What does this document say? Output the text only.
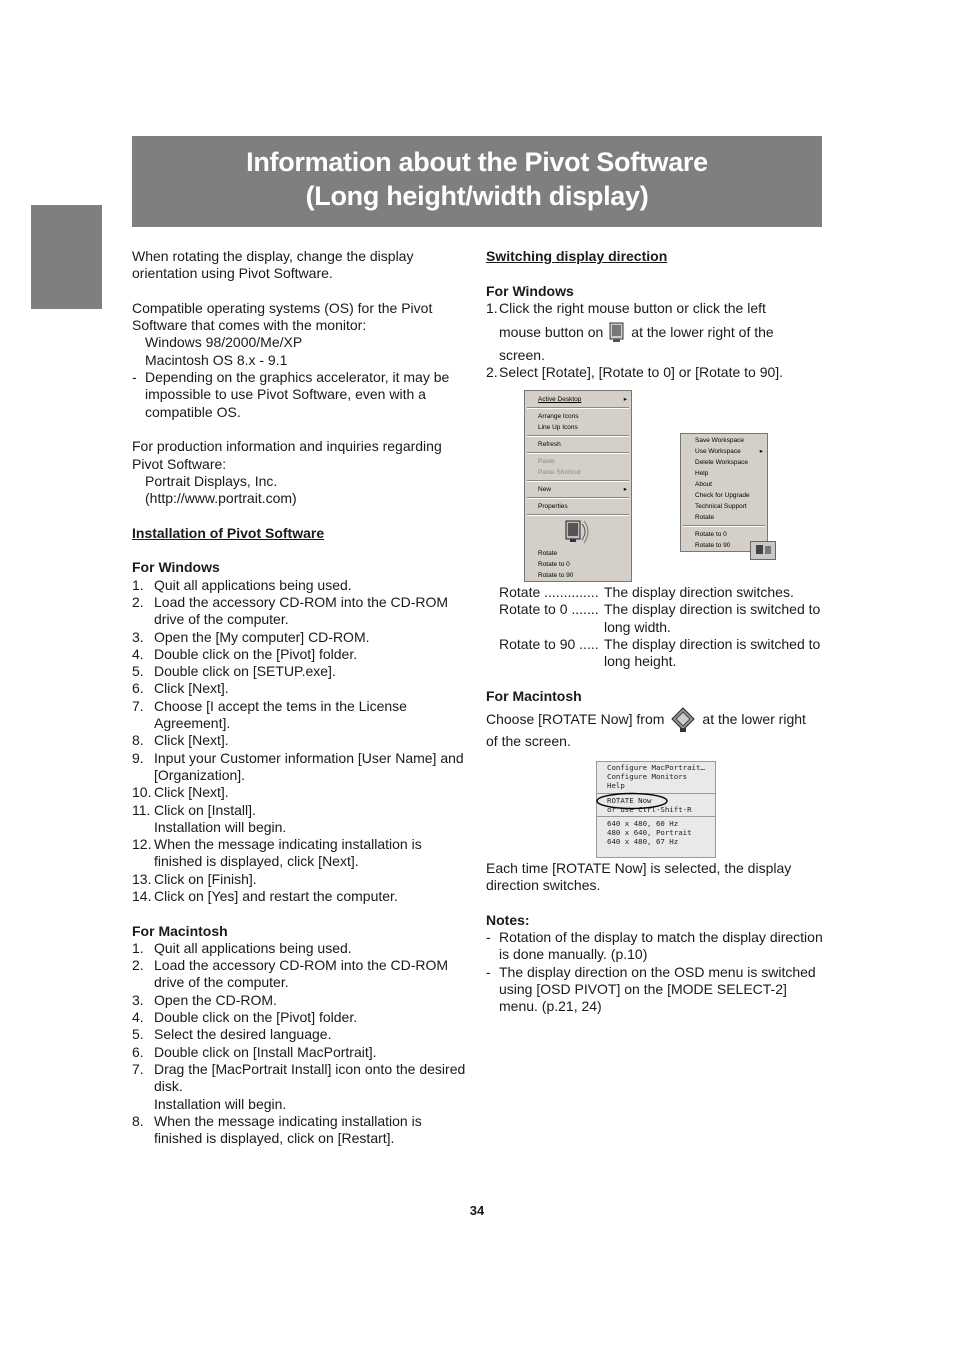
Information about the Pivot Software
(Long height/width display)

When rotating the display, change the display orientation using Pivot Software.

Compatible operating systems (OS) for the Pivot Software that comes with the monitor:

Windows 98/2000/Me/XP

Macintosh OS 8.x - 9.1

- Depending on the graphics accelerator, it may be impossible to use Pivot Software, even with a compatible OS.

For production information and inquiries regarding Pivot Software:

Portrait Displays, Inc.

(http://www.portrait.com)

Installation of Pivot Software

For Windows

1. Quit all applications being used.
2. Load the accessory CD-ROM into the CD-ROM drive of the computer.
3. Open the [My computer] CD-ROM.
4. Double click on the [Pivot] folder.
5. Double click on [SETUP.exe].
6. Click [Next].
7. Choose [I accept the tems in the License Agreement].
8. Click [Next].
9. Input your Customer information [User Name] and [Organization].
10. Click [Next].
11. Click on [Install].
Installation will begin.
12. When the message indicating installation is finished is displayed, click [Next].
13. Click on [Finish].
14. Click on [Yes] and restart the computer.

For Macintosh

1. Quit all applications being used.
2. Load the accessory CD-ROM into the CD-ROM drive of the computer.
3. Open the CD-ROM.
4. Double click on the [Pivot] folder.
5. Select the desired language.
6. Double click on [Install MacPortrait].
7. Drag the [MacPortrait Install] icon onto the desired disk.
Installation will begin.
8. When the message indicating installation is finished is displayed, click on [Restart].

Switching display direction

For Windows

1. Click the right mouse button or click the left
mouse button on at the lower right of the
screen.
2. Select [Rotate], [Rotate to 0] or [Rotate to 90].
Active Desktop	▸
Arrange Icons
Line Up Icons
Refresh
Paste
Paste Shortcut
New	▸
Properties
Rotate
Rotate to 0
Rotate to 90
Save Workspace
Use Workspace	▸
Delete Workspace
Help
About
Check for Upgrade
Technical Support
Rotate
Rotate to 0
Rotate to 90
Rotate .............. The display direction switches.
Rotate to 0 ....... The display direction is switched to long width.
Rotate to 90 ..... The display direction is switched to long height.

For Macintosh

Choose [ROTATE Now] from	at the lower right

of the screen.

Configure MacPortrait…
Configure Monitors
Help
ROTATE Now
or use Ctrl-Shift-R
640 x 480, 60 Hz
480 x 640, Portrait
640 x 480, 67 Hz

Each time [ROTATE Now] is selected, the display direction switches.

Notes:

- Rotation of the display to match the display direction is done manually. (p.10)
- The display direction on the OSD menu is switched using [OSD PIVOT] on the [MODE SELECT-2] menu. (p.21, 24)
34
